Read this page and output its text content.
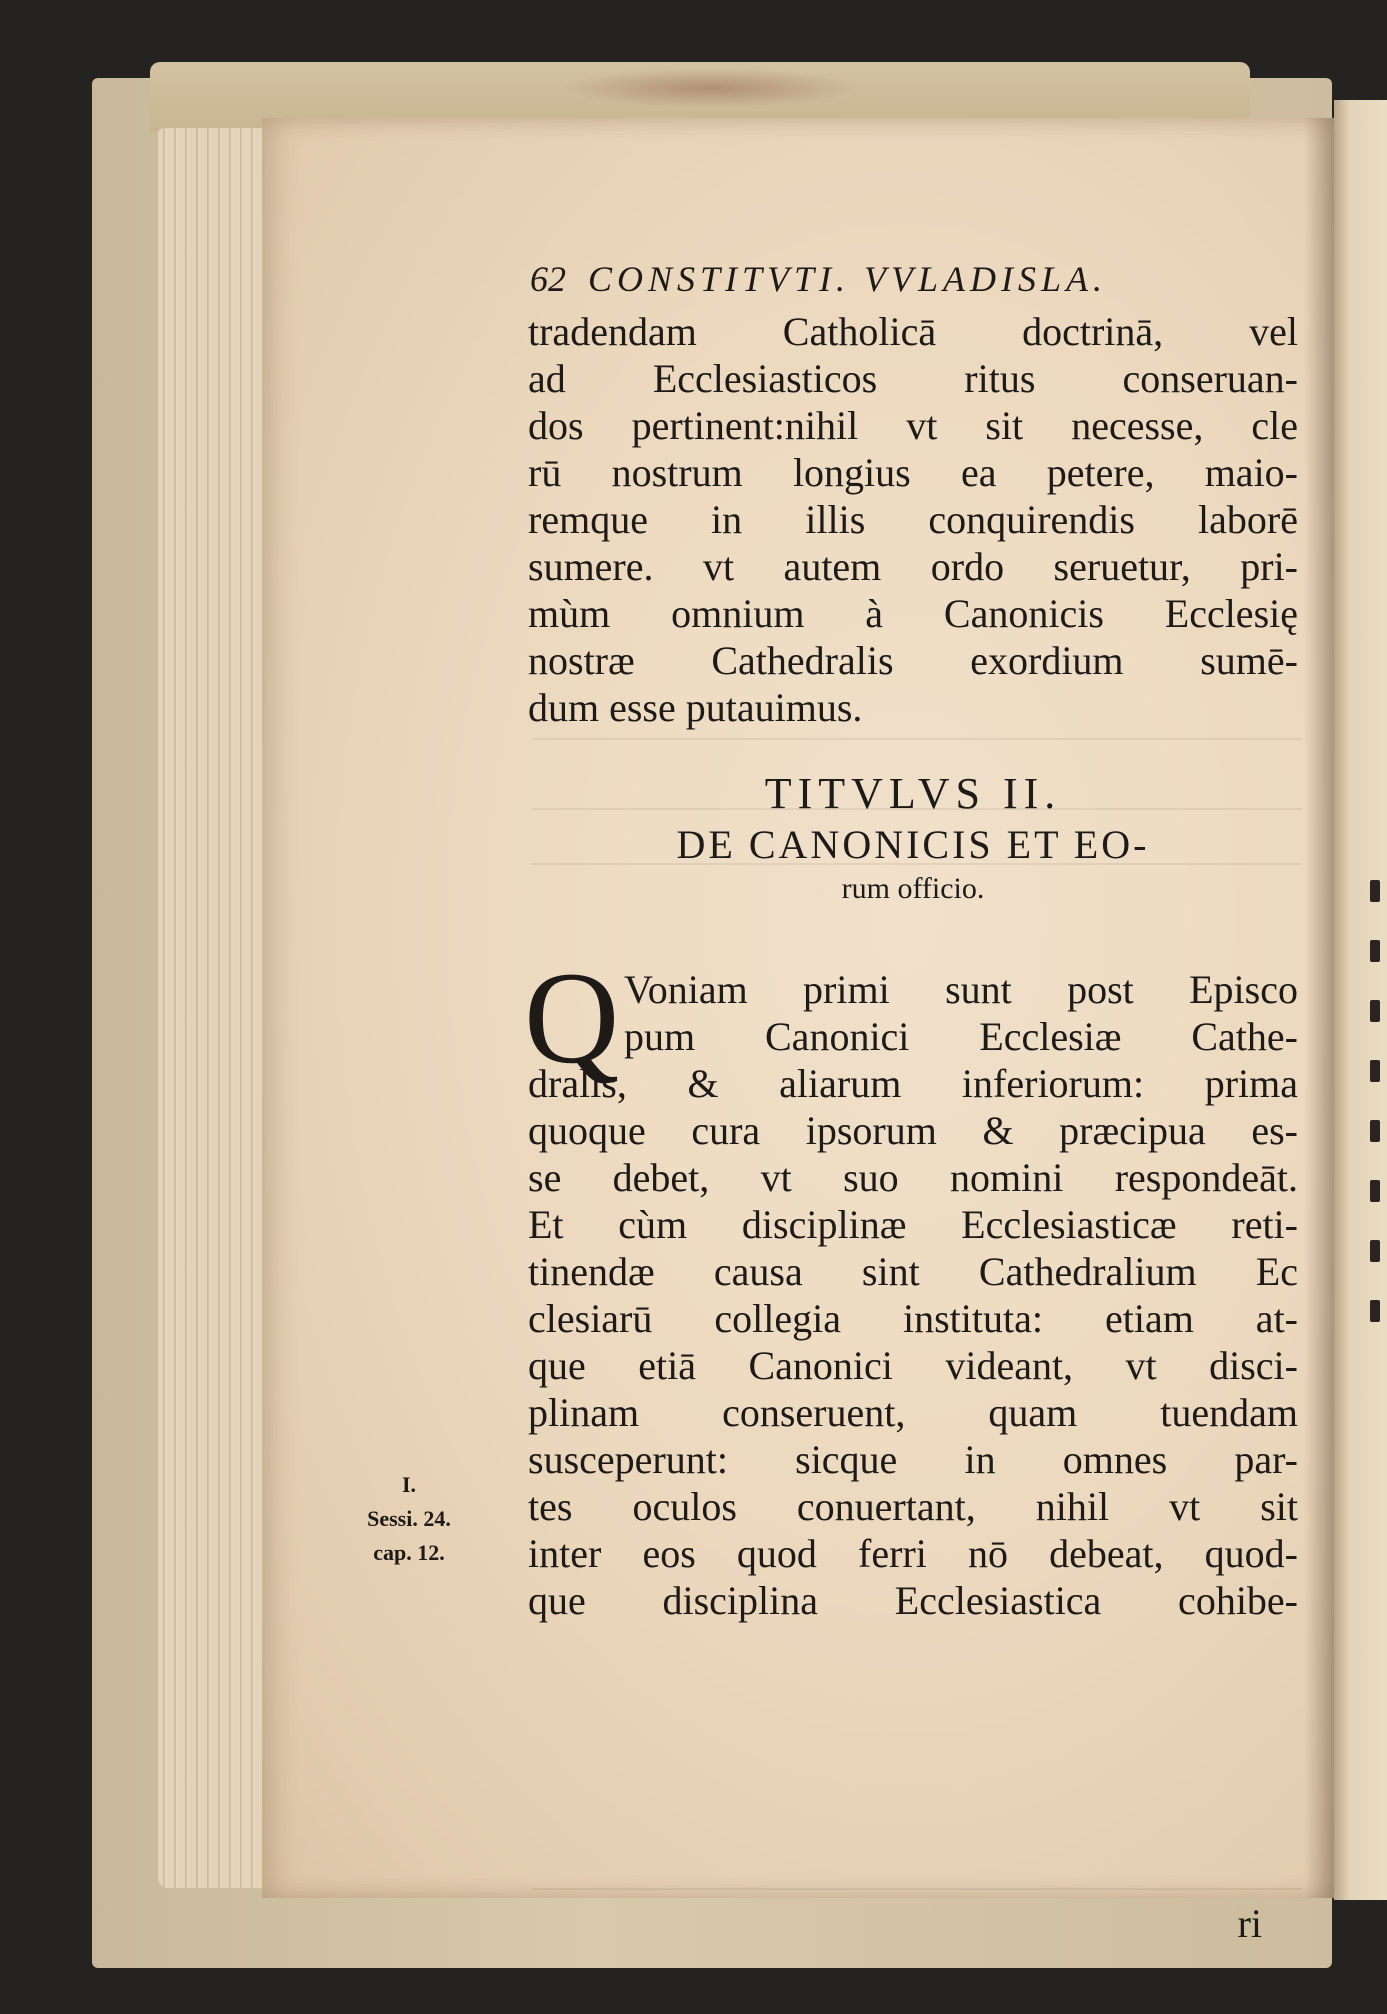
62 CONSTITVTI. VVLADISLA.
tradendam Catholicā doctrinā, vel
ad Ecclesiasticos ritus conseruan-
dos pertinent:nihil vt sit necesse, cle
rū nostrum longius ea petere, maio-
remque in illis conquirendis laborē
sumere. vt autem ordo seruetur, pri-
mùm omnium à Canonicis Ecclesię
nostræ Cathedralis exordium sumē-
dum esse putauimus.
TITVLVS II.
DE CANONICIS ET EO-
rum officio.
Q Voniam primi sunt post Episco
pum Canonici Ecclesiæ Cathe-
dralis, & aliarum inferiorum: prima
quoque cura ipsorum & præcipua es-
se debet, vt suo nomini respondeāt.
Et cùm disciplinæ Ecclesiasticæ reti-
tinendæ causa sint Cathedralium Ec
clesiarū collegia instituta: etiam at-
que etiā Canonici videant, vt disci-
plinam conseruent, quam tuendam
susceperunt: sicque in omnes par-
tes oculos conuertant, nihil vt sit
inter eos quod ferri nō debeat, quod-
que disciplina Ecclesiastica cohibe-
I.
Sessi. 24.
cap. 12.
ri
